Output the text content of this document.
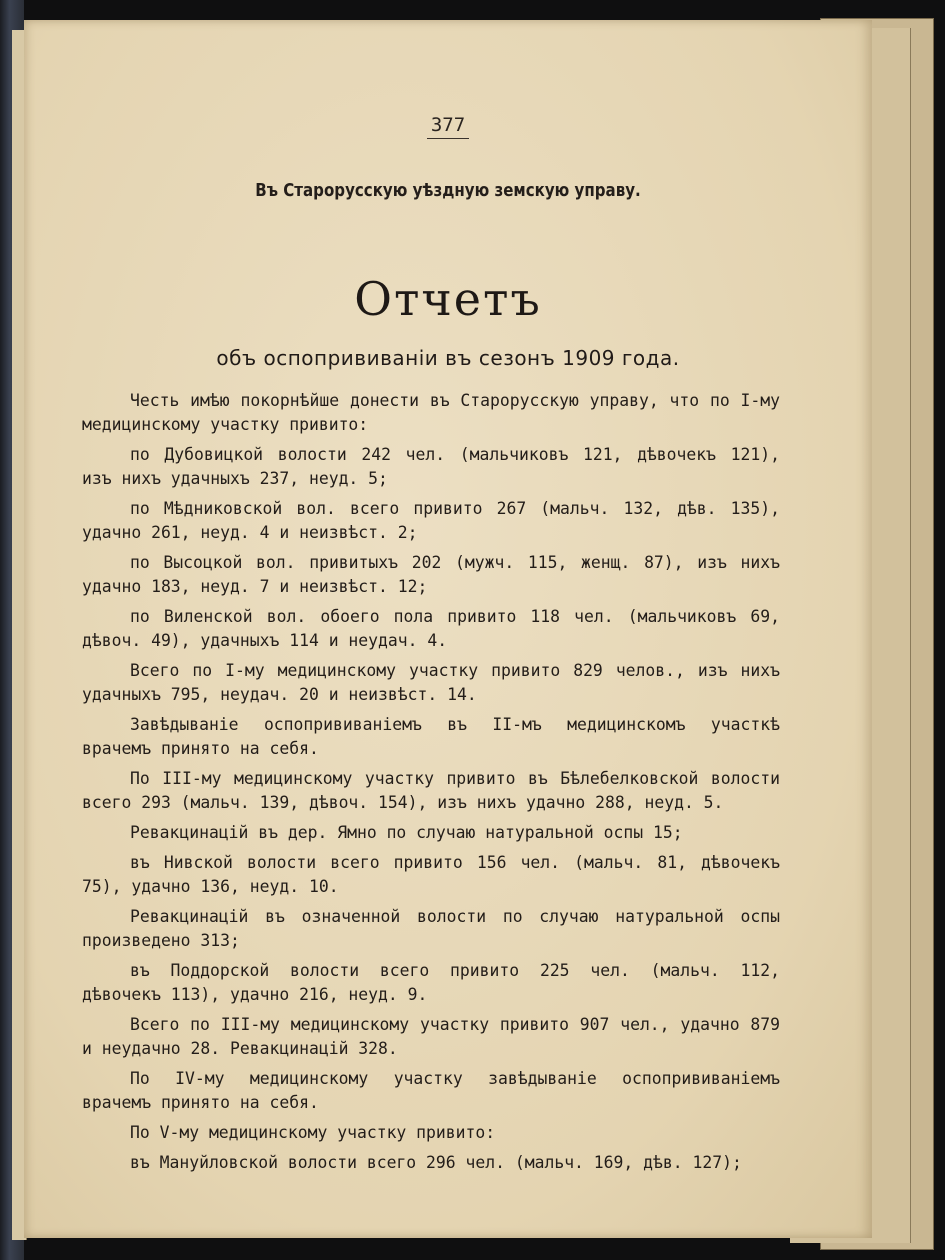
377
Въ Старорусскую уѣздную земскую управу.
Отчетъ
объ оспопрививаніи въ сезонъ 1909 года.

Честь имѣю покорнѣйше донести въ Старорусскую управу, что по I-му медицинскому участку привито:

по Дубовицкой волости 242 чел. (мальчиковъ 121, дѣвочекъ 121), изъ нихъ удачныхъ 237, неуд. 5;

по Мѣдниковской вол. всего привито 267 (мальч. 132, дѣв. 135), удачно 261, неуд. 4 и неизвѣст. 2;

по Высоцкой вол. привитыхъ 202 (мужч. 115, женщ. 87), изъ нихъ удачно 183, неуд. 7 и неизвѣст. 12;

по Виленской вол. обоего пола привито 118 чел. (мальчиковъ 69, дѣвоч. 49), удачныхъ 114 и неудач. 4.

Всего по I-му медицинскому участку привито 829 челов., изъ нихъ удачныхъ 795, неудач. 20 и неизвѣст. 14.

Завѣдываніе оспопрививаніемъ въ II-мъ медицинскомъ участкѣ врачемъ принято на себя.

По III-му медицинскому участку привито въ Бѣлебелковской волости всего 293 (мальч. 139, дѣвоч. 154), изъ нихъ удачно 288, неуд. 5.

Ревакцинацій въ дер. Ямно по случаю натуральной оспы 15;

въ Нивской волости всего привито 156 чел. (мальч. 81, дѣвочекъ 75), удачно 136, неуд. 10.

Ревакцинацій въ означенной волости по случаю натуральной оспы произведено 313;

въ Поддорской волости всего привито 225 чел. (мальч. 112, дѣвочекъ 113), удачно 216, неуд. 9.

Всего по III-му медицинскому участку привито 907 чел., удачно 879 и неудачно 28. Ревакцинацій 328.

По IV-му медицинскому участку завѣдываніе оспопрививаніемъ врачемъ принято на себя.

По V-му медицинскому участку привито:

въ Мануйловской волости всего 296 чел. (мальч. 169, дѣв. 127);
